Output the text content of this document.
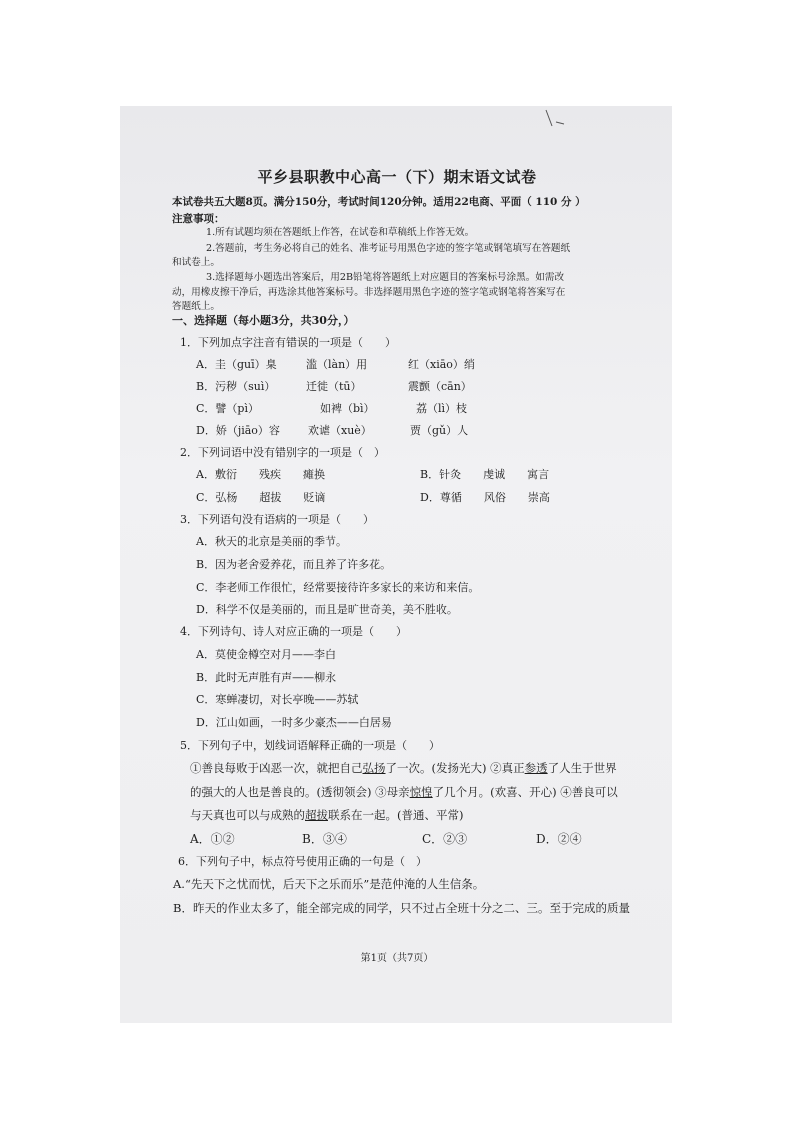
平乡县职教中心高一（下）期末语文试卷
本试卷共五大题8页。满分150分，考试时间120分钟。适用22电商、平面（ 110 分 ）
注意事项：
1.所有试题均须在答题纸上作答，在试卷和草稿纸上作答无效。
2.答题前，考生务必将自己的姓名、准考证号用黑色字迹的签字笔或钢笔填写在答题纸
和试卷上。
3.选择题每小题选出答案后，用2B铅笔将答题纸上对应题目的答案标号涂黑。如需改
动，用橡皮擦干净后，再选涂其他答案标号。非选择题用黑色字迹的签字笔或钢笔将答案写在
答题纸上。
一、选择题（每小题3分，共30分，）
1．下列加点字注音有错误的一项是（　　）
A．圭（guī）臬	滥（làn）用	红（xiāo）绡
B．污秽（suì）	迁徙（tū）	震颤（cān）
C．譬（pì）	如裨（bì）	荔（lì）枝
D．娇（jiāo）容	欢谑（xuè）	贾（gǔ）人
2．下列词语中没有错别字的一项是（　）
A．敷衍　　残疾　　瘫换	B．针灸　　虔诚　　寓言
C．弘杨　　超拔　　贬谪	D．尊循　　风俗　　崇高
3．下列语句没有语病的一项是（　　）
A．秋天的北京是美丽的季节。
B．因为老舍爱养花，而且养了许多花。
C．李老师工作很忙，经常要接待许多家长的来访和来信。
D．科学不仅是美丽的，而且是旷世奇美，美不胜收。
4．下列诗句、诗人对应正确的一项是（　　）
A．莫使金樽空对月——李白
B．此时无声胜有声——柳永
C．寒蝉凄切，对长亭晚——苏轼
D．江山如画，一时多少豪杰——白居易
5．下列句子中，划线词语解释正确的一项是（　　）
①善良每败于凶恶一次，就把自己弘扬了一次。(发扬光大) ②真正参透了人生于世界
的强大的人也是善良的。(透彻领会) ③母亲惊惶了几个月。(欢喜、开心) ④善良可以
与天真也可以与成熟的超拔联系在一起。(普通、平常)
A．①②	B．③④	C．②③	D．②④
6．下列句子中，标点符号使用正确的一句是（　）
A.“先天下之忧而忧，后天下之乐而乐”是范仲淹的人生信条。
B．昨天的作业太多了，能全部完成的同学，只不过占全班十分之二、三。至于完成的质量
第1页（共7页）
